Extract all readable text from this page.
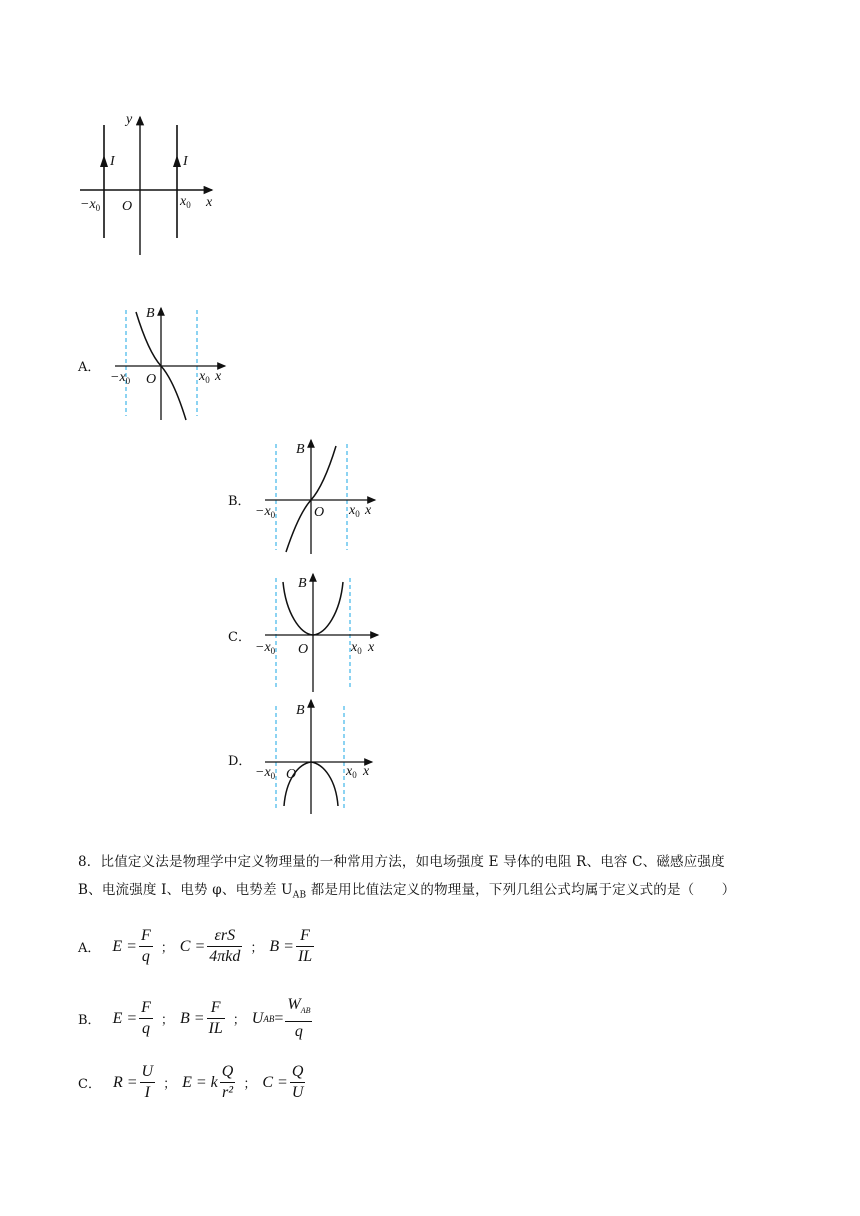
y
I	I
$-x_0$ O	$x_0$ x
A．
B
$-x_0$ O	$x_0$ x
B．
B
$-x_0$	O $x_0$ x
C．
B
$-x_0$ O	$x_0$ x
D．
B
$-x_0$ O	$x_0$ x
8．比值定义法是物理学中定义物理量的一种常用方法，如电场强度 E 导体的电阻 R、电容 C、磁感应强度
B、电流强度 I、电势 φ、电势差 $U_{AB}$ 都是用比值法定义的物理量，下列几组公式均属于定义式的是（　　）
A． $E = \frac{F}{q}$ ； $C = \frac{\text{εrS}}{\text{4πkd}}$ ； $B = \frac{F}{IL}$
B． $E = \frac{F}{q}$ ； $B = \frac{F}{IL}$ ； U AB = $\frac{W_{AB}}{q}$
C． $R = \frac{U}{I}$ ； E = k $\frac{Q}{\text{r²}}$ ； $C = \frac{Q}{U}$
